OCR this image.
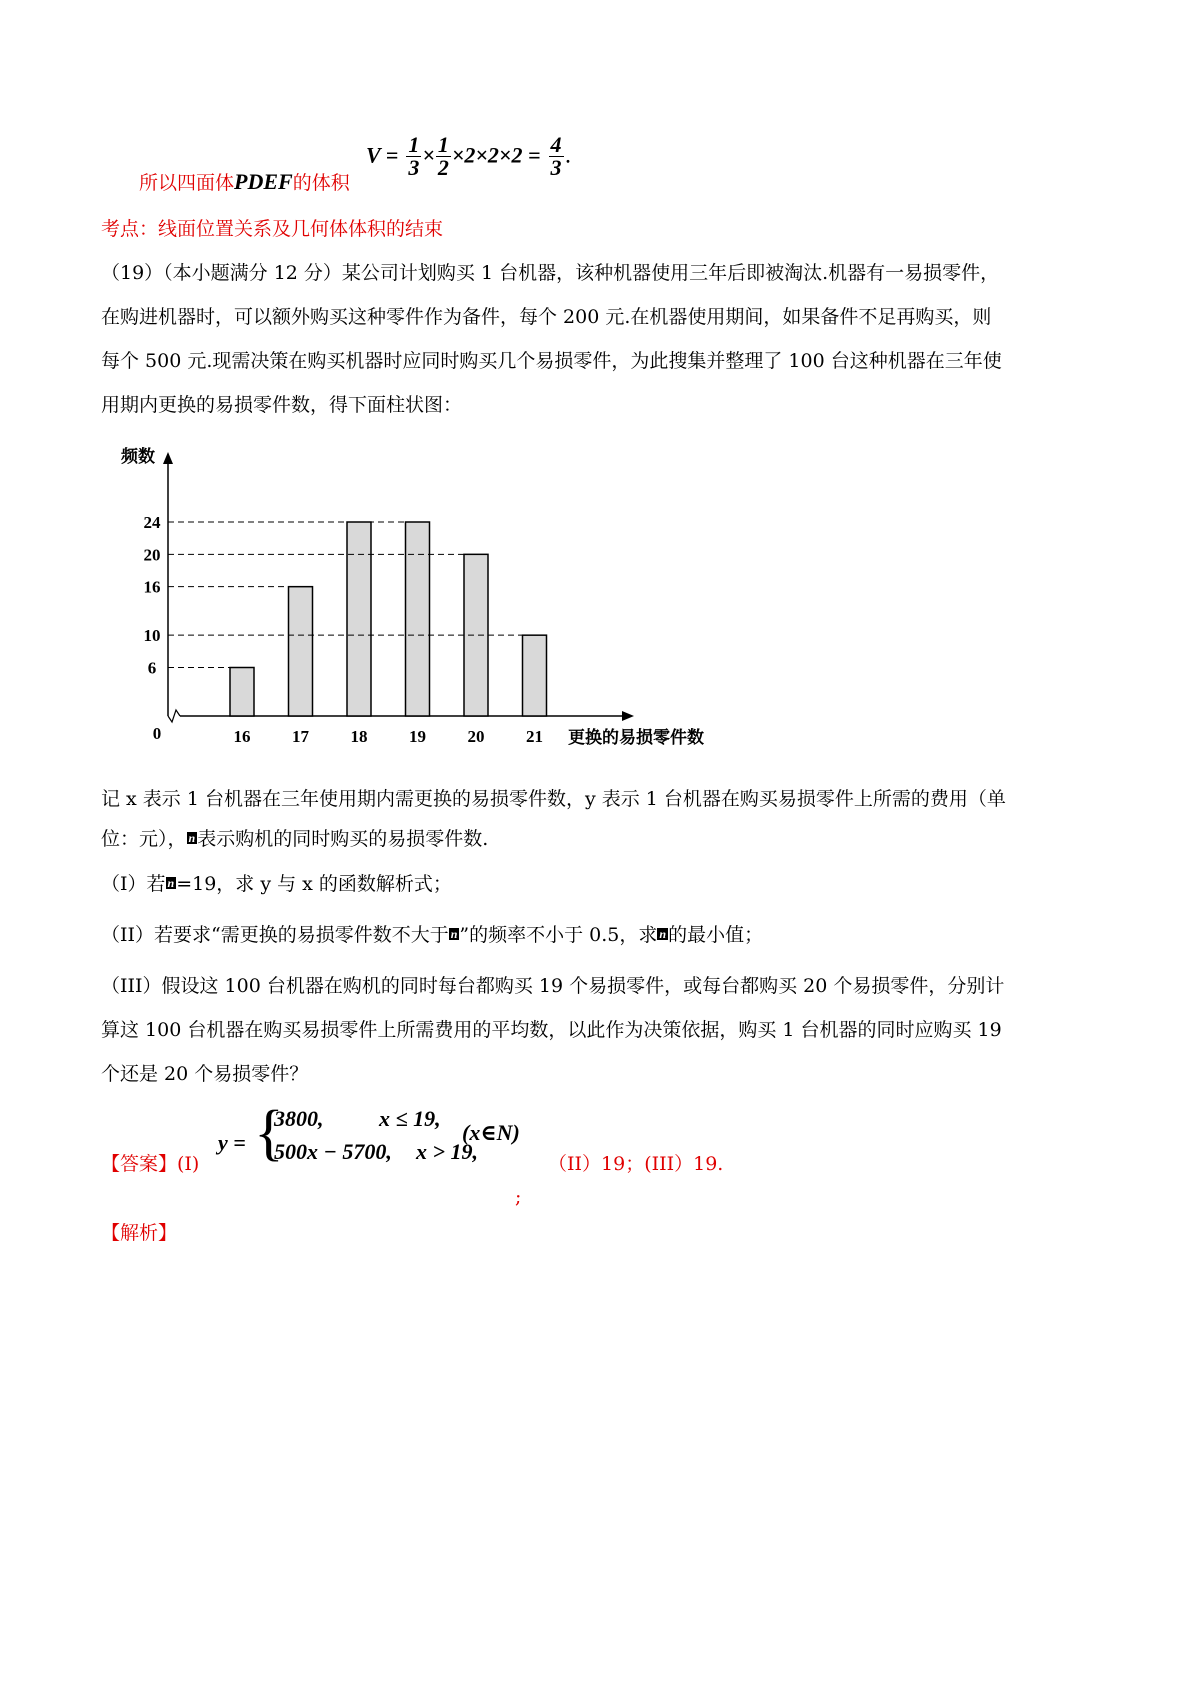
所以四面体PDEF的体积
$V = \frac{1}{3} \times \frac{1}{2} \times 2\times 2\times 2 = \frac{4}{3}$ .
考点：线面位置关系及几何体体积的结束
（19）（本小题满分 12 分）某公司计划购买 1 台机器，该种机器使用三年后即被淘汰.机器有一易损零件，
在购进机器时，可以额外购买这种零件作为备件，每个 200 元.在机器使用期间，如果备件不足再购买，则
每个 500 元.现需决策在购买机器时应同时购买几个易损零件，为此搜集并整理了 100 台这种机器在三年使
用期内更换的易损零件数，得下面柱状图：
16 17 18 19 20 21
6
10
16
20
24
0
频数
更换的易损零件数
记 x 表示 1 台机器在三年使用期内需更换的易损零件数，y 表示 1 台机器在购买易损零件上所需的费用（单
位：元）， n 表示购机的同时购买的易损零件数.
（I）若 n =19，求 y 与 x 的函数解析式；
（II）若要求“需更换的易损零件数不大于 n ”的频率不小于 0.5，求 n 的最小值；
（III）假设这 100 台机器在购机的同时每台都购买 19 个易损零件，或每台都购买 20 个易损零件，分别计
算这 100 台机器在购买易损零件上所需费用的平均数，以此作为决策依据，购买 1 台机器的同时应购买 19
个还是 20 个易损零件？
【答案】(I)
y = {
3800,	x ≤ 19,
500x − 5700, x > 19,
(x∈N)
;
（II）19；(III）19.
【解析】
